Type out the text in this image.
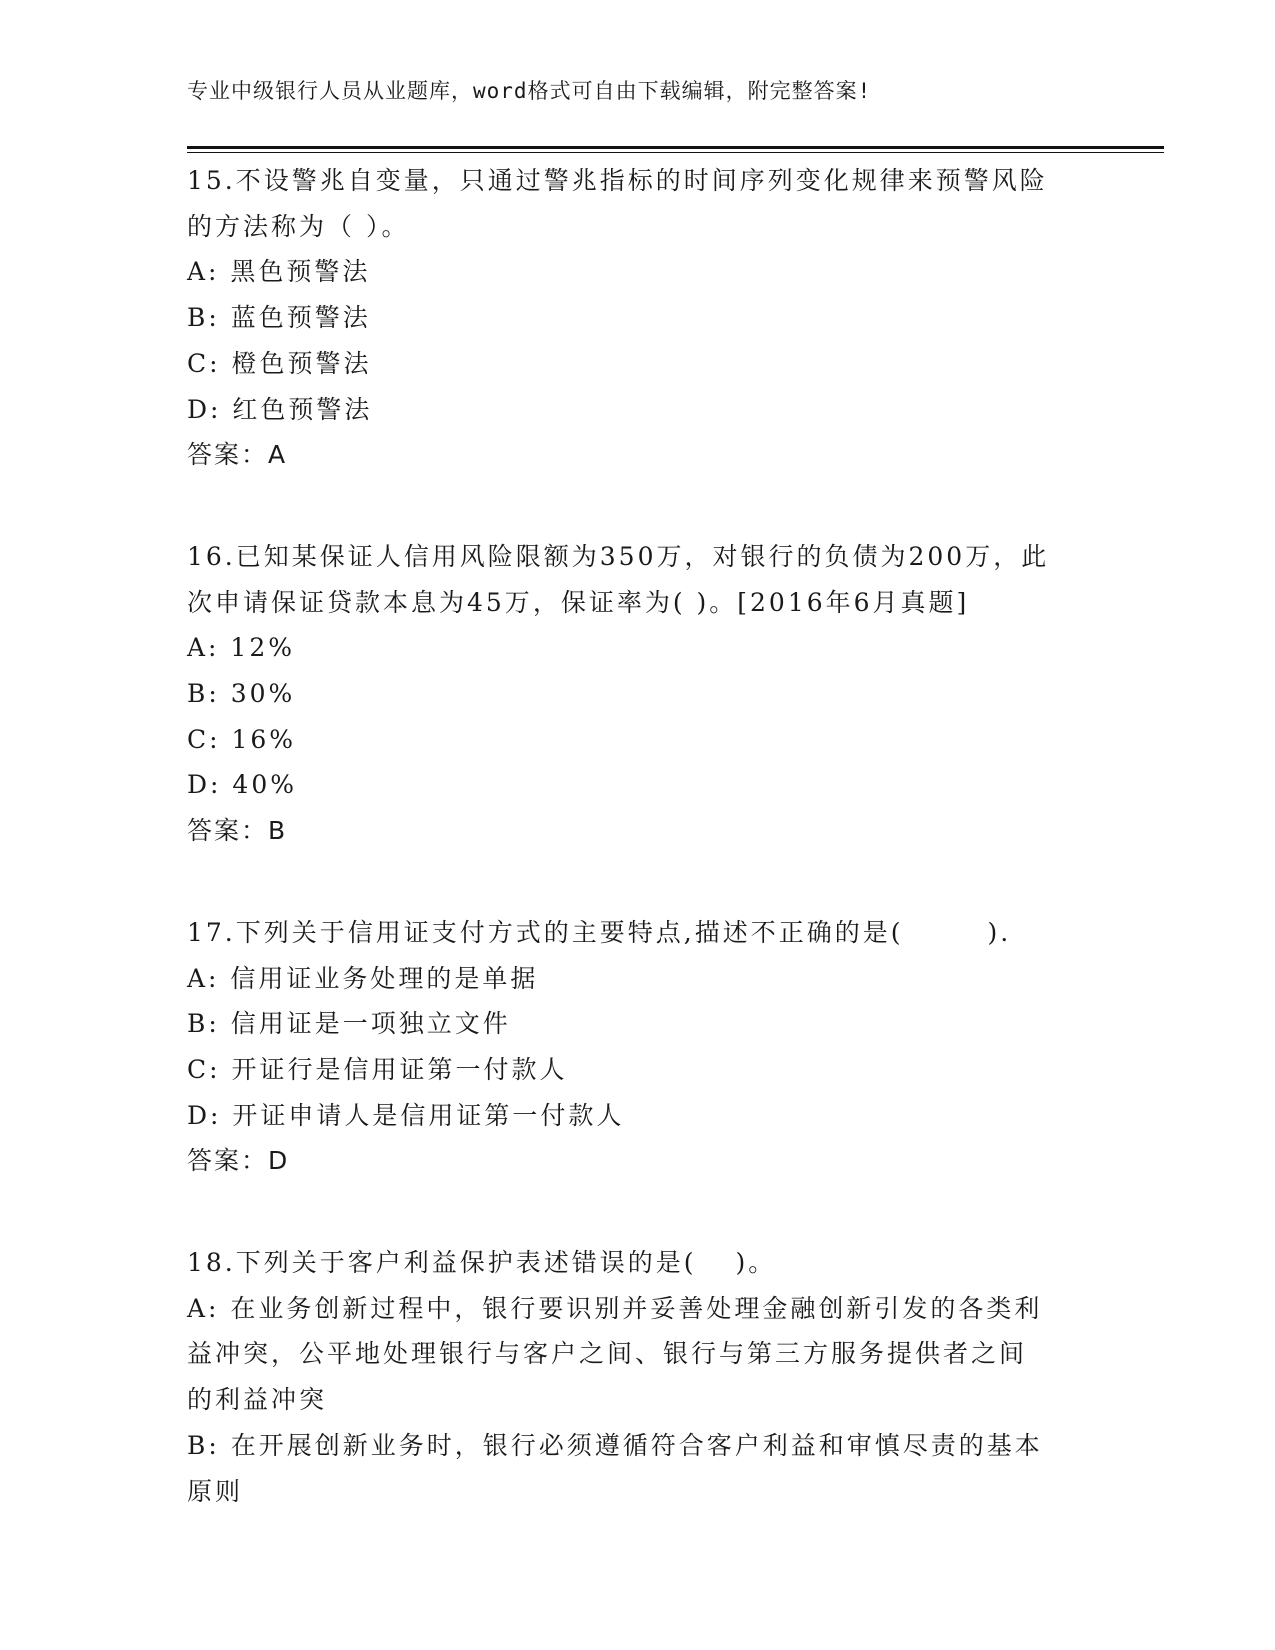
专业中级银行人员从业题库，word格式可自由下载编辑，附完整答案!
15.不设警兆自变量，只通过警兆指标的时间序列变化规律来预警风险
的方法称为（ ）。
A: 黑色预警法
B: 蓝色预警法
C: 橙色预警法
D: 红色预警法
答案：A
16.已知某保证人信用风险限额为350万，对银行的负债为200万，此
次申请保证贷款本息为45万，保证率为( )。[2016年6月真题]
A: 12%
B: 30%
C: 16%
D: 40%
答案：B
17.下列关于信用证支付方式的主要特点,描述不正确的是(　　　).
A: 信用证业务处理的是单据
B: 信用证是一项独立文件
C: 开证行是信用证第一付款人
D: 开证申请人是信用证第一付款人
答案：D
18.下列关于客户利益保护表述错误的是(　 )。
A: 在业务创新过程中，银行要识别并妥善处理金融创新引发的各类利
益冲突，公平地处理银行与客户之间、银行与第三方服务提供者之间
的利益冲突
B: 在开展创新业务时，银行必须遵循符合客户利益和审慎尽责的基本
原则
